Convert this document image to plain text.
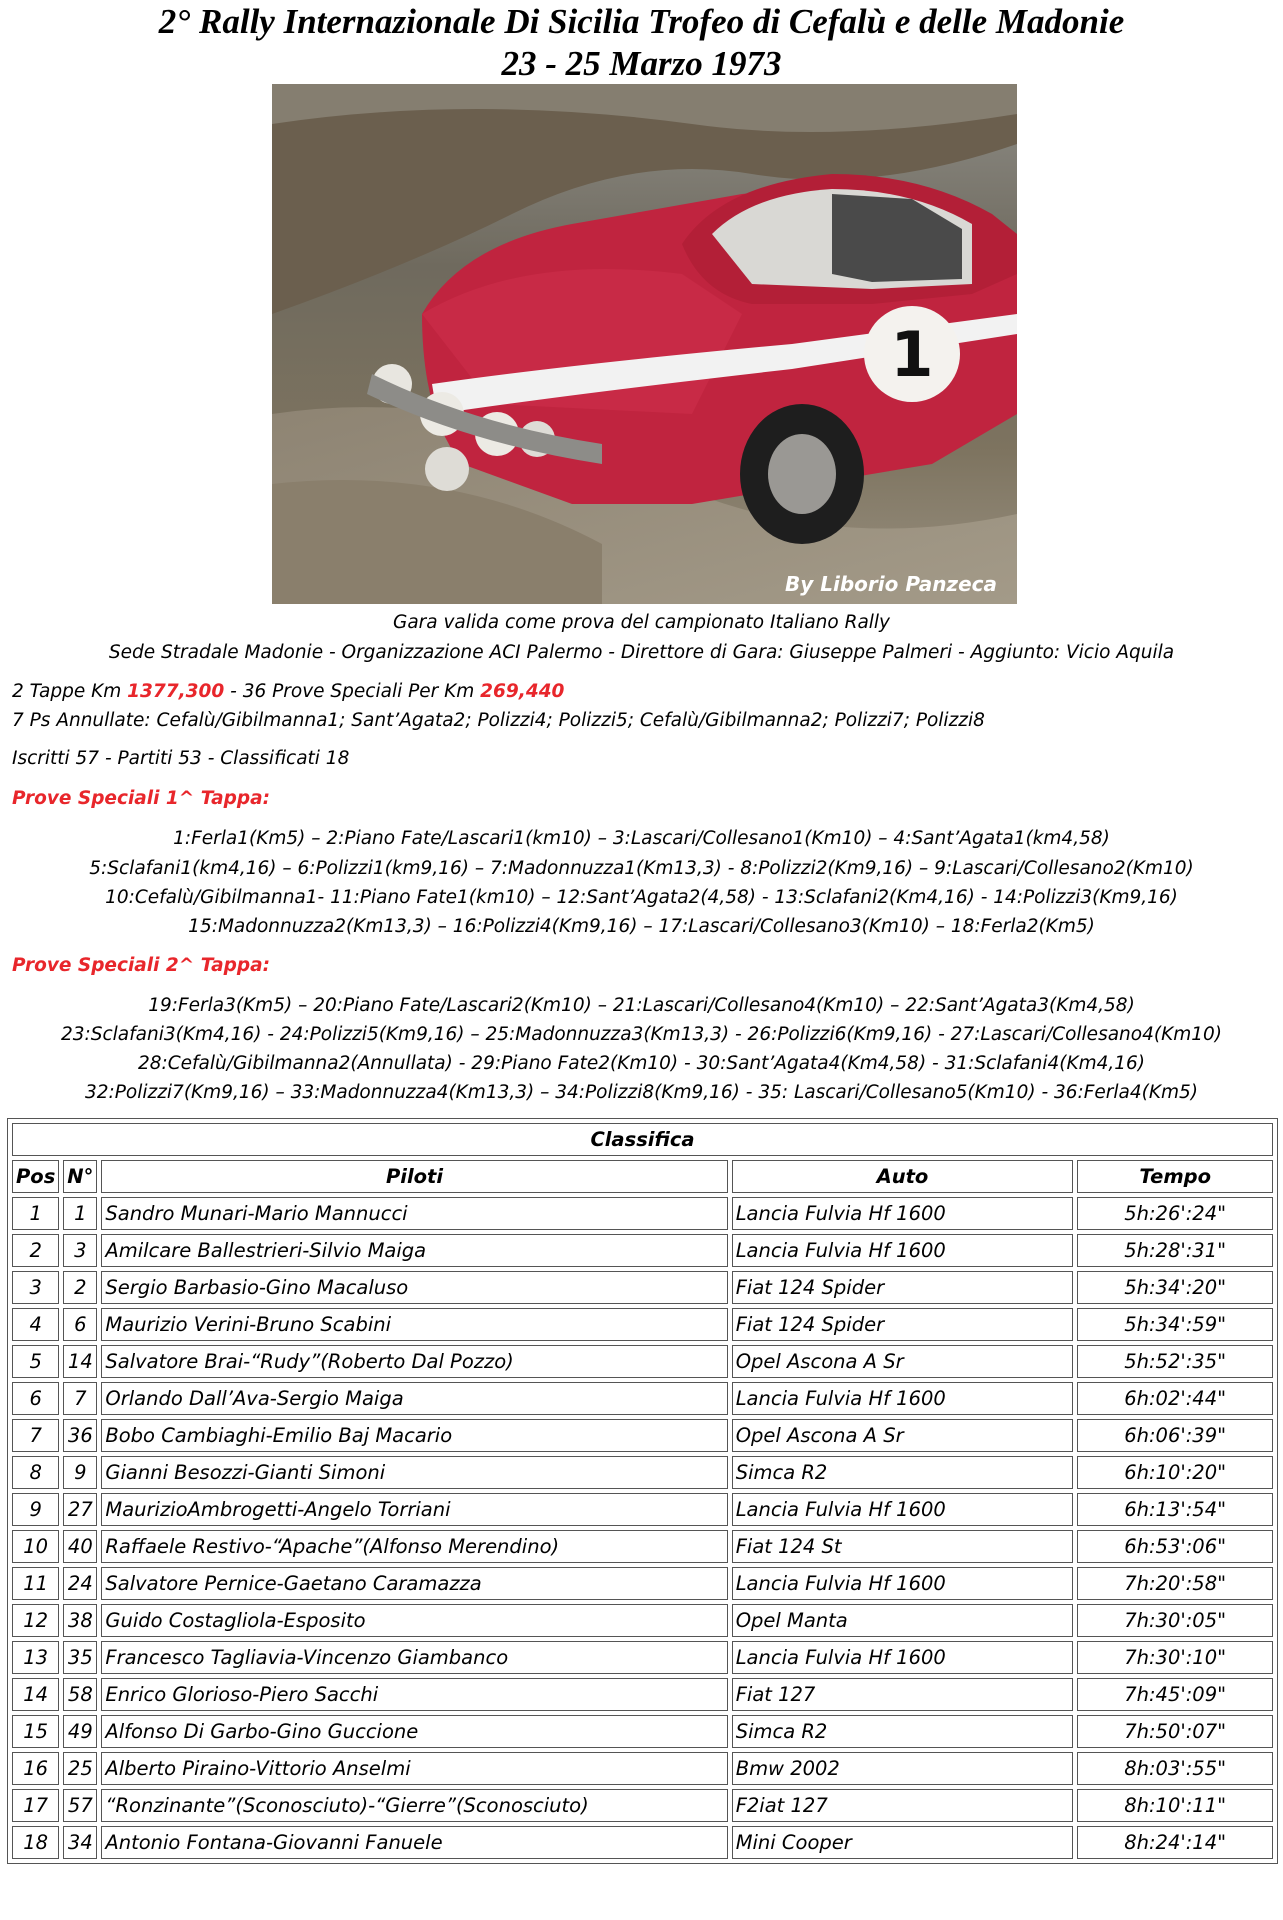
2° Rally Internazionale Di Sicilia Trofeo di Cefalù e delle Madonie
23 - 25 Marzo 1973
1
By Liborio Panzeca
Gara valida come prova del campionato Italiano Rally
Sede Stradale Madonie - Organizzazione ACI Palermo - Direttore di Gara: Giuseppe Palmeri - Aggiunto: Vicio Aquila
2 Tappe Km 1377,300 - 36 Prove Speciali Per Km 269,440
7 Ps Annullate: Cefalù/Gibilmanna1; Sant’Agata2; Polizzi4; Polizzi5; Cefalù/Gibilmanna2; Polizzi7; Polizzi8
Iscritti 57 - Partiti 53 - Classificati 18
Prove Speciali 1^ Tappa:
1:Ferla1(Km5) – 2:Piano Fate/Lascari1(km10) – 3:Lascari/Collesano1(Km10) – 4:Sant’Agata1(km4,58)
5:Sclafani1(km4,16) – 6:Polizzi1(km9,16) – 7:Madonnuzza1(Km13,3) - 8:Polizzi2(Km9,16) – 9:Lascari/Collesano2(Km10)
10:Cefalù/Gibilmanna1- 11:Piano Fate1(km10) – 12:Sant’Agata2(4,58) - 13:Sclafani2(Km4,16) - 14:Polizzi3(Km9,16)
15:Madonnuzza2(Km13,3) – 16:Polizzi4(Km9,16) – 17:Lascari/Collesano3(Km10) – 18:Ferla2(Km5)
Prove Speciali 2^ Tappa:
19:Ferla3(Km5) – 20:Piano Fate/Lascari2(Km10) – 21:Lascari/Collesano4(Km10) – 22:Sant’Agata3(Km4,58)
23:Sclafani3(Km4,16) - 24:Polizzi5(Km9,16) – 25:Madonnuzza3(Km13,3) - 26:Polizzi6(Km9,16) - 27:Lascari/Collesano4(Km10)
28:Cefalù/Gibilmanna2(Annullata) - 29:Piano Fate2(Km10) - 30:Sant’Agata4(Km4,58) - 31:Sclafani4(Km4,16)
32:Polizzi7(Km9,16) – 33:Madonnuzza4(Km13,3) – 34:Polizzi8(Km9,16) - 35: Lascari/Collesano5(Km10) - 36:Ferla4(Km5)
Classifica				
Pos	N°	Piloti	Auto	Tempo
1	1	Sandro Munari-Mario Mannucci	Lancia Fulvia Hf 1600	5h:26':24"
2	3	Amilcare Ballestrieri-Silvio Maiga	Lancia Fulvia Hf 1600	5h:28':31"
3	2	Sergio Barbasio-Gino Macaluso	Fiat 124 Spider	5h:34':20"
4	6	Maurizio Verini-Bruno Scabini	Fiat 124 Spider	5h:34':59"
5	14	Salvatore Brai-“Rudy”(Roberto Dal Pozzo)	Opel Ascona A Sr	5h:52':35"
6	7	Orlando Dall’Ava-Sergio Maiga	Lancia Fulvia Hf 1600	6h:02':44"
7	36	Bobo Cambiaghi-Emilio Baj Macario	Opel Ascona A Sr	6h:06':39"
8	9	Gianni Besozzi-Gianti Simoni	Simca R2	6h:10':20"
9	27	MaurizioAmbrogetti-Angelo Torriani	Lancia Fulvia Hf 1600	6h:13':54"
10	40	Raffaele Restivo-“Apache”(Alfonso Merendino)	Fiat 124 St	6h:53':06"
11	24	Salvatore Pernice-Gaetano Caramazza	Lancia Fulvia Hf 1600	7h:20':58"
12	38	Guido Costagliola-Esposito	Opel Manta	7h:30':05"
13	35	Francesco Tagliavia-Vincenzo Giambanco	Lancia Fulvia Hf 1600	7h:30':10"
14	58	Enrico Glorioso-Piero Sacchi	Fiat 127	7h:45':09"
15	49	Alfonso Di Garbo-Gino Guccione	Simca R2	7h:50':07"
16	25	Alberto Piraino-Vittorio Anselmi	Bmw 2002	8h:03':55"
17	57	“Ronzinante”(Sconosciuto)-“Gierre”(Sconosciuto)	F2iat 127	8h:10':11"
18	34	Antonio Fontana-Giovanni Fanuele	Mini Cooper	8h:24':14"
